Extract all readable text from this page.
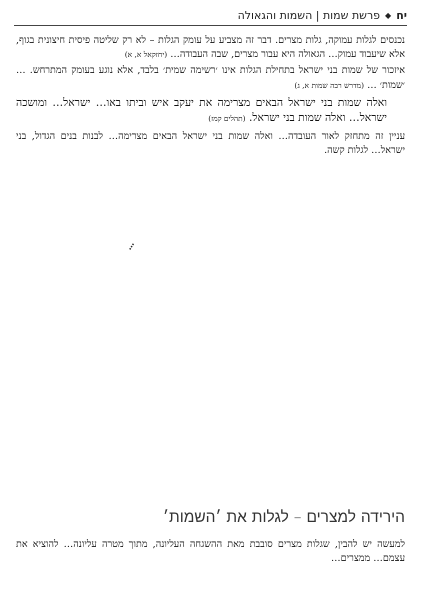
יח
◆
פרשת שמות | השמות והגאולה

נכנסים לגלות עמוקה, גלות מצרים. דבר זה מצביע על עומק הגלות – לא רק שליטה פיסית חיצונית בגוף, אלא שיעבוד עמוק… הגאולה היא עבור מצרים, שבה העבודה… (יחזקאל א, א)

איזכור של שמות בני ישראל בתחילת הגלות אינו ׳רשימה שמית׳ בלבד, אלא נוגע בעומק המתרחש. … ׳שמות׳ … (מדרש רבה שמות א, ג)

ואלה שמות בני ישראל הבאים מצרימה את יעקב איש וביתו באו… ישראל… ומושכה ישראל… ואלה שמות בני ישראל. (תהלים קמז)

עניין זה מתחזק לאור העובדה… ואלה שמות בני ישראל הבאים מצרימה… לבנות בנים הגדול, בני ישראל… לגלות קשה.

…
הירידה למצרים – לגלות את ׳השמות׳
למעשה יש להבין, שגלות מצרים סובבת מאת ההשגחה העליונה, מתוך מטרה עליונה… להוציא את עצמם… ממצרים…
